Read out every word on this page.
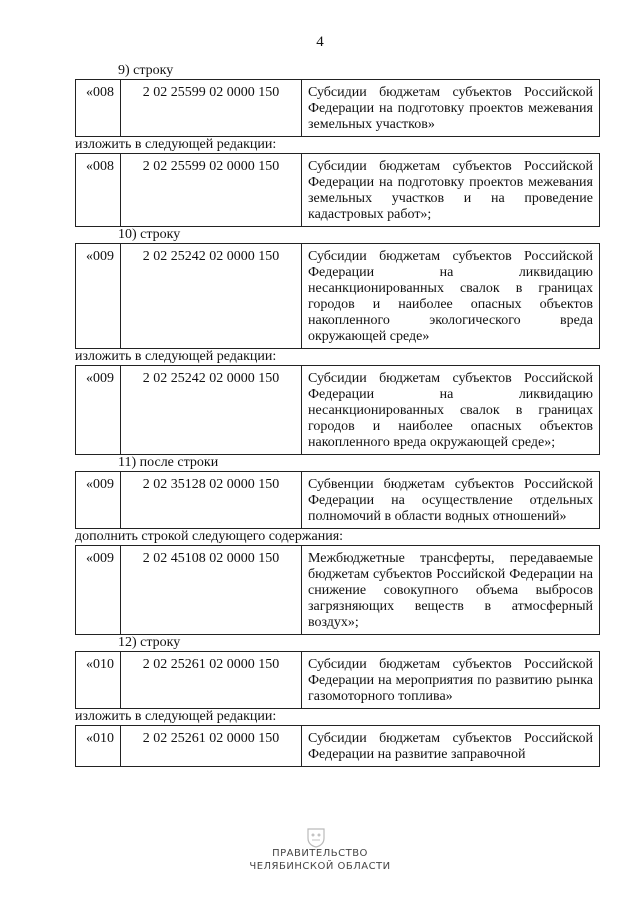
4
9) строку
«008	2 02 25599 02 0000 150	Субсидии бюджетам субъектов Российской Федерации на подготовку проектов межевания земельных участков»
изложить в следующей редакции:
«008	2 02 25599 02 0000 150	Субсидии бюджетам субъектов Российской Федерации на подготовку проектов межевания земельных участков и на проведение кадастровых работ»;
10) строку
«009	2 02 25242 02 0000 150	Субсидии бюджетам субъектов Российской Федерации на ликвидацию несанкционированных свалок в границах городов и наиболее опасных объектов накопленного экологического вреда окружающей среде»
изложить в следующей редакции:
«009	2 02 25242 02 0000 150	Субсидии бюджетам субъектов Российской Федерации на ликвидацию несанкционированных свалок в границах городов и наиболее опасных объектов накопленного вреда окружающей среде»;
11) после строки
«009	2 02 35128 02 0000 150	Субвенции бюджетам субъектов Российской Федерации на осуществление отдельных полномочий в области водных отношений»
дополнить строкой следующего содержания:
«009	2 02 45108 02 0000 150	Межбюджетные трансферты, передаваемые бюджетам субъектов Российской Федерации на снижение совокупного объема выбросов загрязняющих веществ в атмосферный воздух»;
12) строку
«010	2 02 25261 02 0000 150	Субсидии бюджетам субъектов Российской Федерации на мероприятия по развитию рынка газомоторного топлива»
изложить в следующей редакции:
«010	2 02 25261 02 0000 150	Субсидии бюджетам субъектов Российской Федерации на развитие заправочной
ПРАВИТЕЛЬСТВО
ЧЕЛЯБИНСКОЙ ОБЛАСТИ
